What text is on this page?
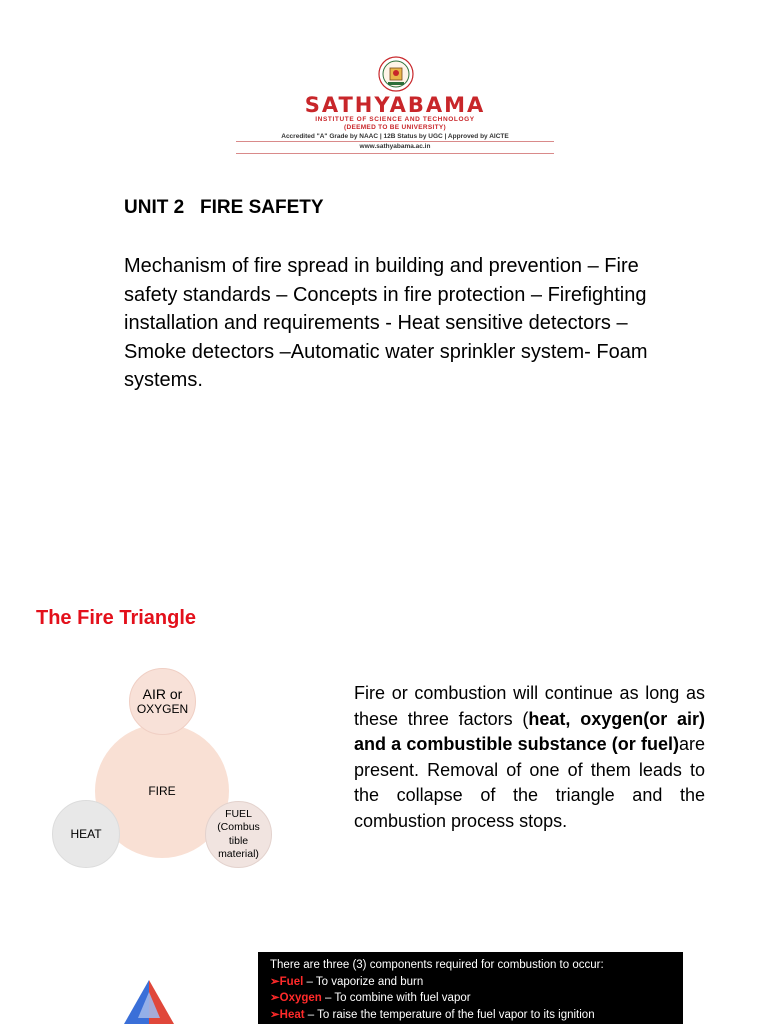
SATHYABAMA
INSTITUTE OF SCIENCE AND TECHNOLOGY
(DEEMED TO BE UNIVERSITY)
Accredited "A" Grade by NAAC | 12B Status by UGC | Approved by AICTE
www.sathyabama.ac.in
UNIT 2   FIRE SAFETY
Mechanism of fire spread in building and prevention – Fire safety standards – Concepts in fire protection – Firefighting installation and requirements - Heat sensitive detectors – Smoke detectors –Automatic water sprinkler system- Foam systems.
The Fire Triangle
FIRE
AIR or
OXYGEN
HEAT
FUEL
(Combus
tible
material)
Fire or combustion will continue as long as these three factors (heat, oxygen(or air) and a combustible substance (or fuel)are present. Removal of one of them leads to the collapse of the triangle and the combustion process stops.
There are three (3) components required for combustion to occur:
➢Fuel – To vaporize and burn
➢Oxygen – To combine with fuel vapor
➢Heat – To raise the temperature of the fuel vapor to its ignition
